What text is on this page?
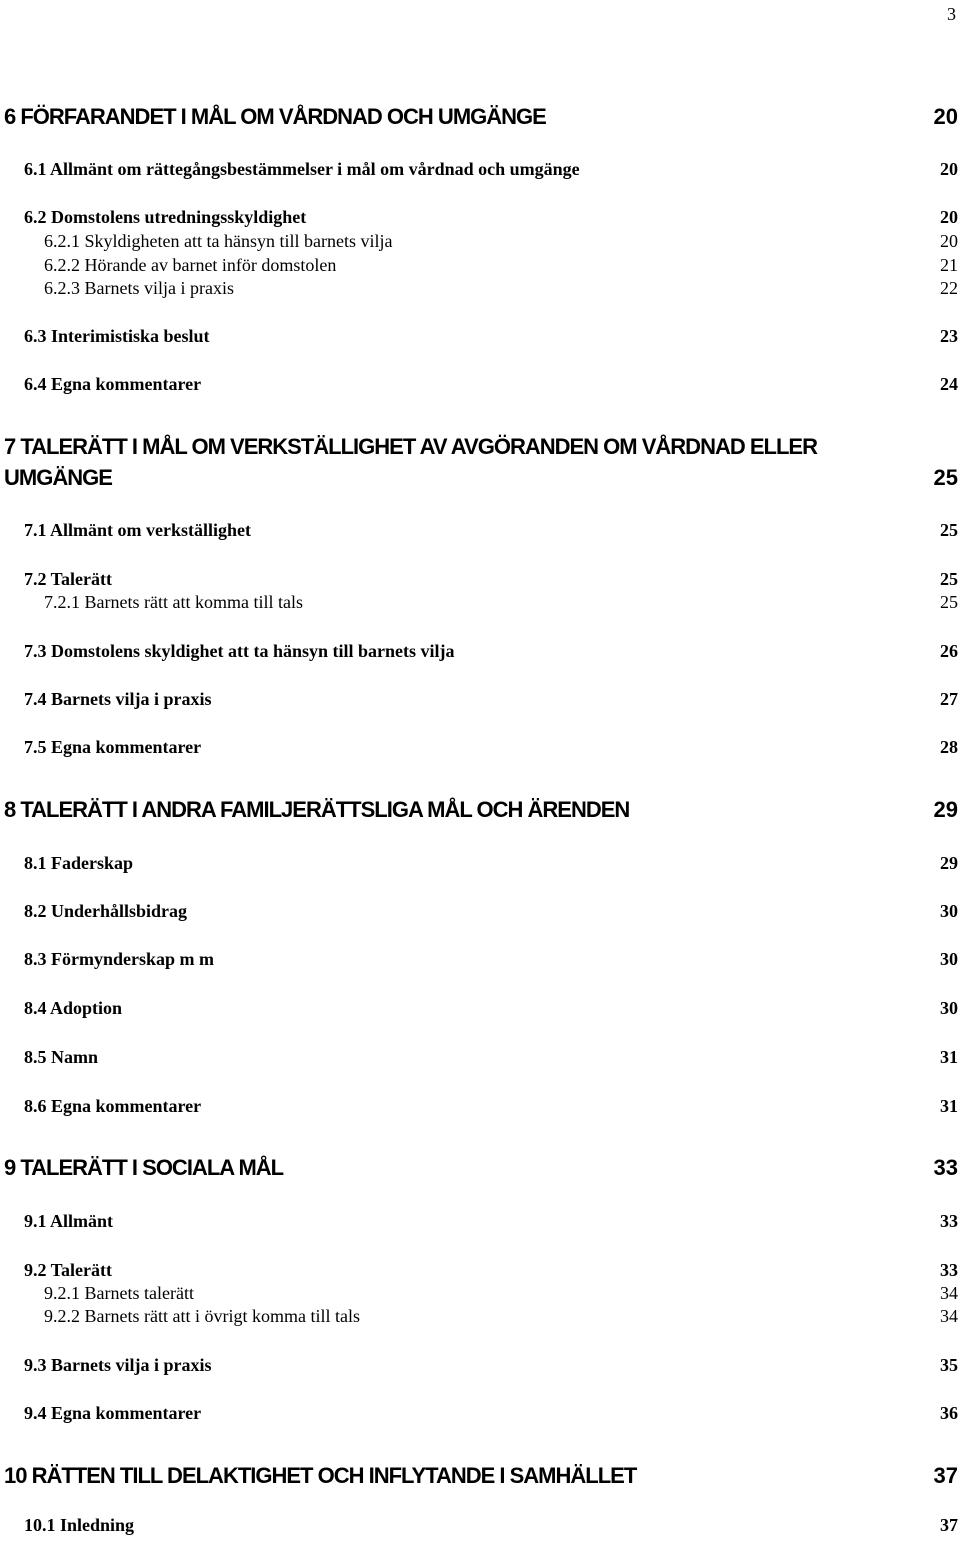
3
6 FÖRFARANDET I MÅL OM VÅRDNAD OCH UMGÄNGE	20
6.1 Allmänt om rättegångsbestämmelser i mål om vårdnad och umgänge	20
6.2 Domstolens utredningsskyldighet	20
6.2.1 Skyldigheten att ta hänsyn till barnets vilja	20
6.2.2 Hörande av barnet inför domstolen	21
6.2.3 Barnets vilja i praxis	22
6.3 Interimistiska beslut	23
6.4 Egna kommentarer	24
7 TALERÄTT I MÅL OM VERKSTÄLLIGHET AV AVGÖRANDEN OM VÅRDNAD ELLER
UMGÄNGE	25
7.1 Allmänt om verkställighet	25
7.2 Talerätt	25
7.2.1 Barnets rätt att komma till tals	25
7.3 Domstolens skyldighet att ta hänsyn till barnets vilja	26
7.4 Barnets vilja i praxis	27
7.5 Egna kommentarer	28
8 TALERÄTT I ANDRA FAMILJERÄTTSLIGA MÅL OCH ÄRENDEN	29
8.1 Faderskap	29
8.2 Underhållsbidrag	30
8.3 Förmynderskap m m	30
8.4 Adoption	30
8.5 Namn	31
8.6 Egna kommentarer	31
9 TALERÄTT I SOCIALA MÅL	33
9.1 Allmänt	33
9.2 Talerätt	33
9.2.1 Barnets talerätt	34
9.2.2 Barnets rätt att i övrigt komma till tals	34
9.3 Barnets vilja i praxis	35
9.4 Egna kommentarer	36
10 RÄTTEN TILL DELAKTIGHET OCH INFLYTANDE I SAMHÄLLET	37
10.1 Inledning	37
